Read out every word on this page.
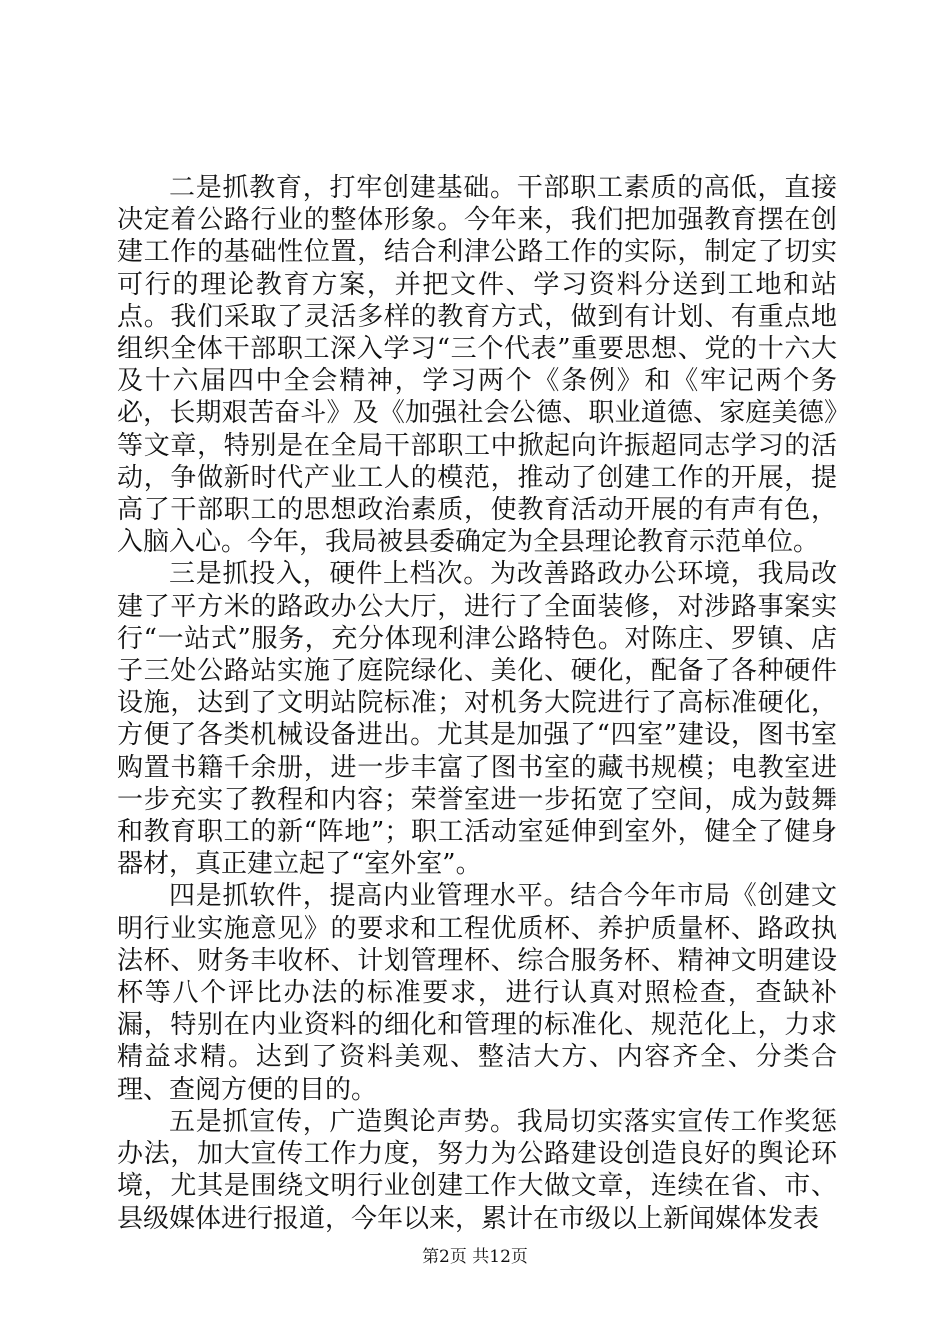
二是抓教育，打牢创建基础。干部职工素质的高低，直接决定着公路行业的整体形象。今年来，我们把加强教育摆在创建工作的基础性位置，结合利津公路工作的实际，制定了切实可行的理论教育方案，并把文件、学习资料分送到工地和站点。我们采取了灵活多样的教育方式，做到有计划、有重点地组织全体干部职工深入学习“三个代表”重要思想、党的十六大及十六届四中全会精神，学习两个《条例》和《牢记两个务必，长期艰苦奋斗》及《加强社会公德、职业道德、家庭美德》等文章，特别是在全局干部职工中掀起向许振超同志学习的活动，争做新时代产业工人的模范，推动了创建工作的开展，提高了干部职工的思想政治素质，使教育活动开展的有声有色，入脑入心。今年，我局被县委确定为全县理论教育示范单位。

三是抓投入，硬件上档次。为改善路政办公环境，我局改建了平方米的路政办公大厅，进行了全面装修，对涉路事案实行“一站式”服务，充分体现利津公路特色。对陈庄、罗镇、店子三处公路站实施了庭院绿化、美化、硬化，配备了各种硬件设施，达到了文明站院标准；对机务大院进行了高标准硬化，方便了各类机械设备进出。尤其是加强了“四室”建设，图书室购置书籍千余册，进一步丰富了图书室的藏书规模；电教室进一步充实了教程和内容；荣誉室进一步拓宽了空间，成为鼓舞和教育职工的新“阵地”；职工活动室延伸到室外，健全了健身器材，真正建立起了“室外室”。

四是抓软件，提高内业管理水平。结合今年市局《创建文明行业实施意见》的要求和工程优质杯、养护质量杯、路政执法杯、财务丰收杯、计划管理杯、综合服务杯、精神文明建设杯等八个评比办法的标准要求，进行认真对照检查，查缺补漏，特别在内业资料的细化和管理的标准化、规范化上，力求精益求精。达到了资料美观、整洁大方、内容齐全、分类合理、查阅方便的目的。

五是抓宣传，广造舆论声势。我局切实落实宣传工作奖惩办法，加大宣传工作力度，努力为公路建设创造良好的舆论环境，尤其是围绕文明行业创建工作大做文章，连续在省、市、县级媒体进行报道，今年以来，累计在市级以上新闻媒体发表

第2页 共12页
